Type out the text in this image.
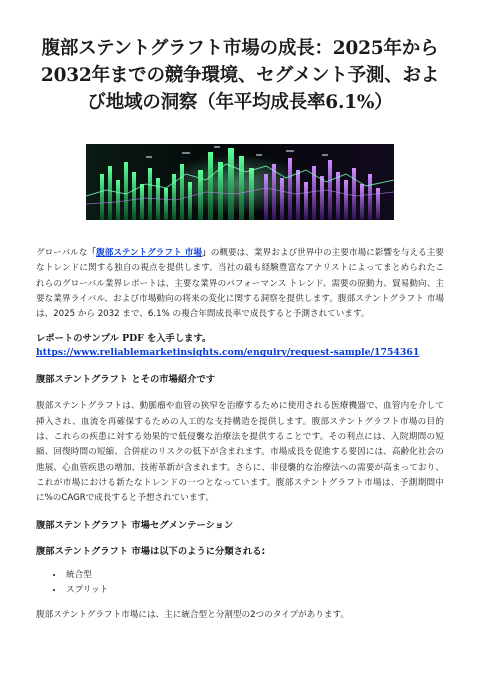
腹部ステントグラフト市場の成長：2025年から2032年までの競争環境、セグメント予測、および地域の洞察（年平均成長率6.1%）

グローバルな「腹部ステントグラフト 市場」の概要は、業界および世界中の主要市場に影響を与える主要なトレンドに関する独自の視点を提供します。当社の最も経験豊富なアナリストによってまとめられたこれらのグローバル業界レポートは、主要な業界のパフォーマンス トレンド、需要の原動力、貿易動向、主要な業界ライバル、および市場動向の将来の変化に関する洞察を提供します。腹部ステントグラフト 市場は、2025 から 2032 まで、6.1% の複合年間成長率で成長すると予測されています。

レポートのサンプル PDF を入手します。
https://www.reliablemarketinsights.com/enquiry/request-sample/1754361
腹部ステントグラフト とその市場紹介です

腹部ステントグラフトは、動脈瘤や血管の狭窄を治療するために使用される医療機器で、血管内を介して挿入され、血流を再確保するための人工的な支持構造を提供します。腹部ステントグラフト市場の目的は、これらの疾患に対する効果的で低侵襲な治療法を提供することです。その利点には、入院期間の短縮、回復時間の短縮、合併症のリスクの低下が含まれます。市場成長を促進する要因には、高齢化社会の進展、心血管疾患の増加、技術革新が含まれます。さらに、非侵襲的な治療法への需要が高まっており、これが市場における新たなトレンドの一つとなっています。腹部ステントグラフト市場は、予測期間中に%のCAGRで成長すると予想されています。

腹部ステントグラフト 市場セグメンテーション
腹部ステントグラフト 市場は以下のように分類される:
• 統合型
• スプリット

腹部ステントグラフト市場には、主に統合型と分割型の2つのタイプがあります。
